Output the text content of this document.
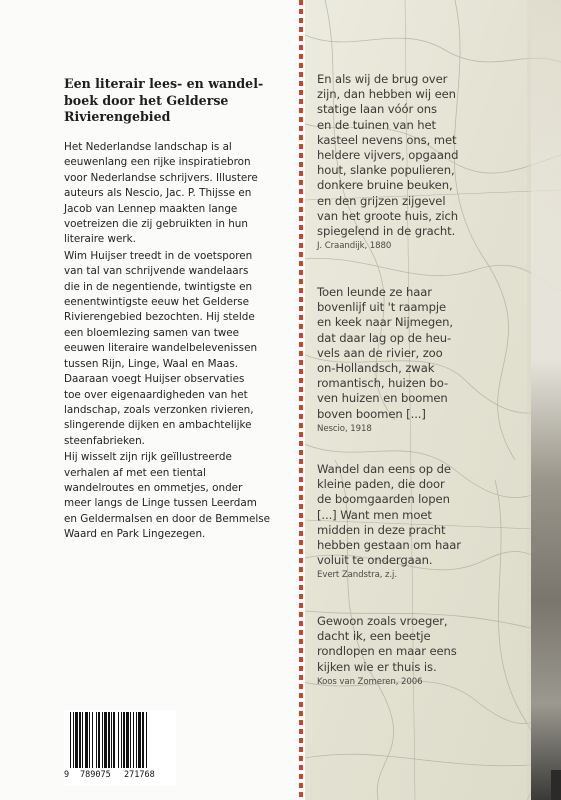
Een literair lees- en wandel-
boek door het Gelderse
Rivierengebied

Het Nederlandse landschap is al
eeuwenlang een rijke inspiratiebron
voor Nederlandse schrijvers. Illustere
auteurs als Nescio, Jac. P. Thijsse en
Jacob van Lennep maakten lange
voetreizen die zij gebruikten in hun
literaire werk.

Wim Huijser treedt in de voetsporen
van tal van schrijvende wandelaars
die in de negentiende, twintigste en
eenentwintigste eeuw het Gelderse
Rivierengebied bezochten. Hij stelde
een bloemlezing samen van twee
eeuwen literaire wandelbelevenissen
tussen Rijn, Linge, Waal en Maas.
Daaraan voegt Huijser observaties
toe over eigenaardigheden van het
landschap, zoals verzonken rivieren,
slingerende dijken en ambachtelijke
steenfabrieken.

Hij wisselt zijn rijk geïllustreerde
verhalen af met een tiental
wandelroutes en ommetjes, onder
meer langs de Linge tussen Leerdam
en Geldermalsen en door de Bemmelse
Waard en Park Lingezegen.

9 789075 271768
En als wij de brug over
zijn, dan hebben wij een
statige laan vóór ons
en de tuinen van het
kasteel nevens ons, met
heldere vijvers, opgaand
hout, slanke populieren,
donkere bruine beuken,
en den grijzen zijgevel
van het groote huis, zich
spiegelend in de gracht.
J. Craandijk, 1880
Toen leunde ze haar
bovenlijf uit 't raampje
en keek naar Nijmegen,
dat daar lag op de heu-
vels aan de rivier, zoo
on-Hollandsch, zwak
romantisch, huizen bo-
ven huizen en boomen
boven boomen [...]
Nescio, 1918
Wandel dan eens op de
kleine paden, die door
de boomgaarden lopen
[...] Want men moet
midden in deze pracht
hebben gestaan om haar
voluit te ondergaan.
Evert Zandstra, z.j.
Gewoon zoals vroeger,
dacht ik, een beetje
rondlopen en maar eens
kijken wie er thuis is.
Koos van Zomeren, 2006
